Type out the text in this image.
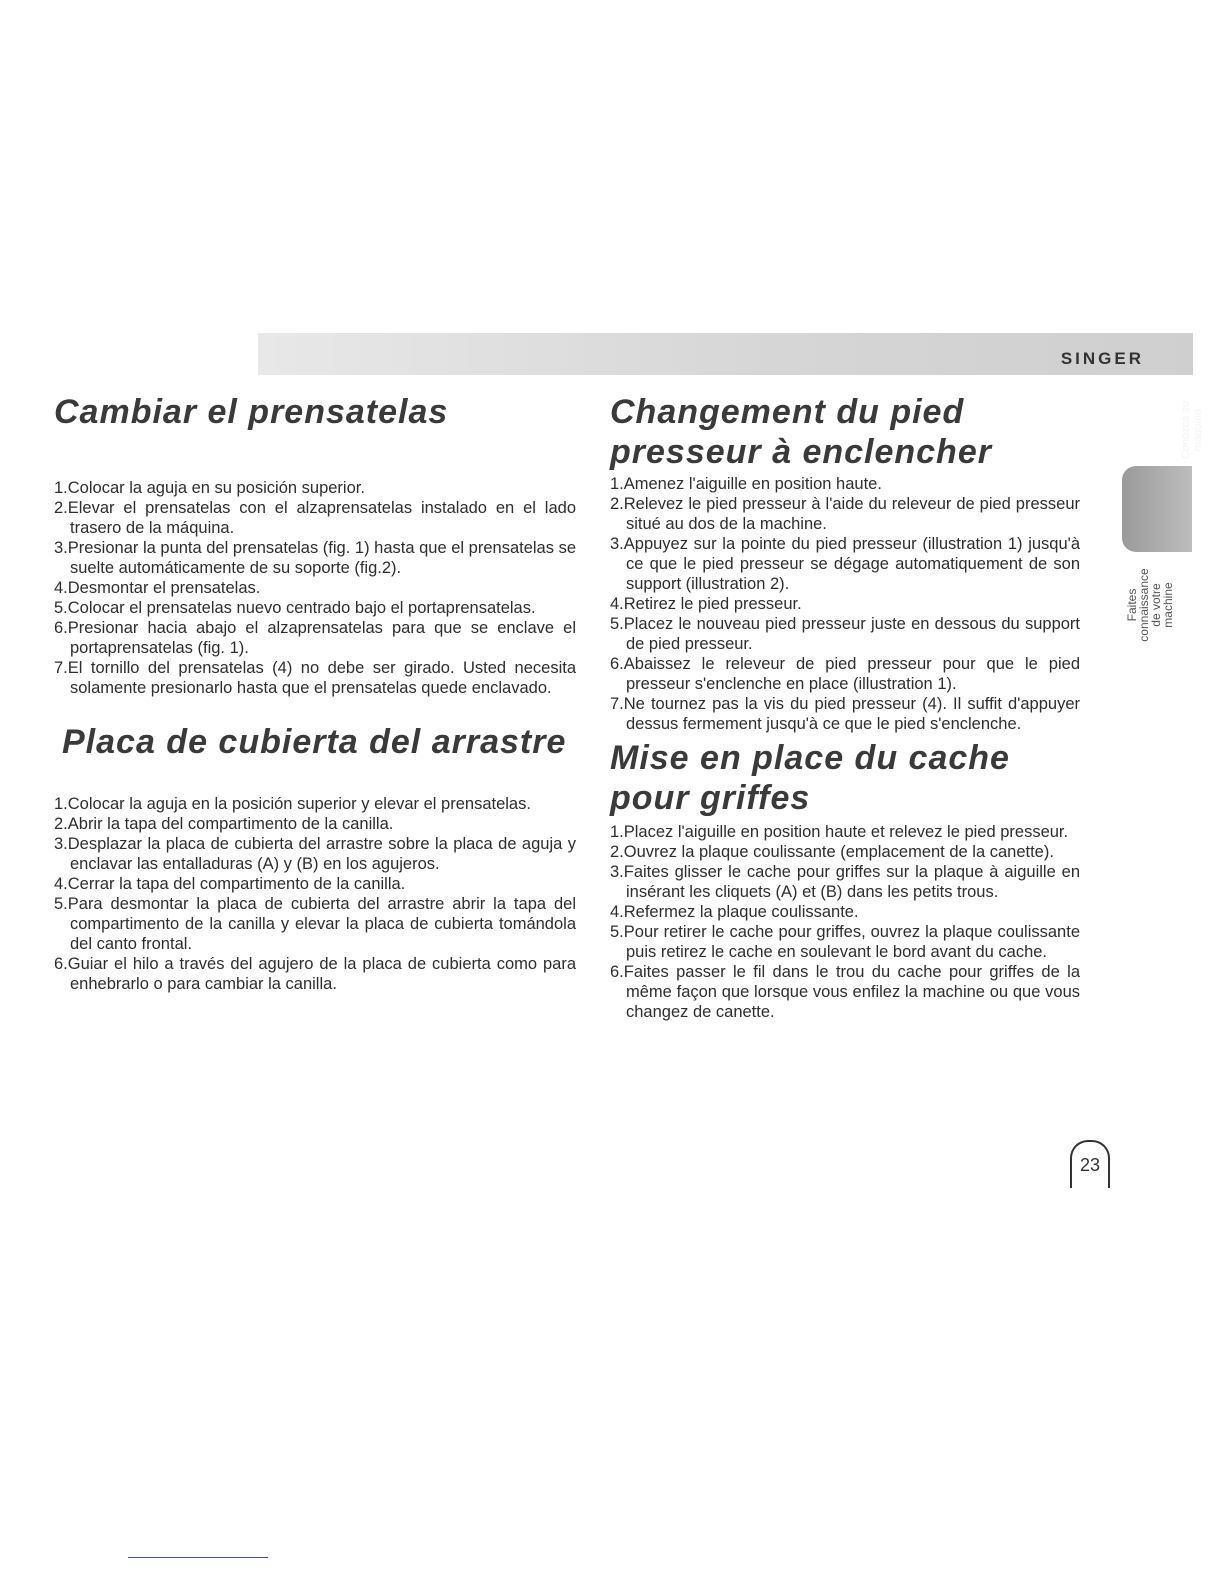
SINGER
Cambiar el prensatelas
1.Colocar la aguja en su posición superior.
2.Elevar el prensatelas con el alzaprensatelas instalado en el lado trasero de la máquina.
3.Presionar la punta del prensatelas (fig. 1) hasta que el prensatelas se suelte automáticamente de su soporte (fig.2).
4.Desmontar el prensatelas.
5.Colocar el prensatelas nuevo centrado bajo el portaprensatelas.
6.Presionar hacia abajo el alzaprensatelas para que se enclave el portaprensatelas (fig. 1).
7.El tornillo del prensatelas (4) no debe ser girado. Usted necesita solamente presionarlo hasta que el prensatelas quede enclavado.
Placa de cubierta del arrastre
1.Colocar la aguja en la posición superior y elevar el prensatelas.
2.Abrir la tapa del compartimento de la canilla.
3.Desplazar la placa de cubierta del arrastre sobre la placa de aguja y enclavar las entalladuras (A) y (B) en los agujeros.
4.Cerrar la tapa del compartimento de la canilla.
5.Para desmontar la placa de cubierta del arrastre abrir la tapa del compartimento de la canilla y elevar la placa de cubierta tomándola del canto frontal.
6.Guiar el hilo a través del agujero de la placa de cubierta como para enhebrarlo o para cambiar la canilla.
Changement du pied presseur à enclencher
1.Amenez l'aiguille en position haute.
2.Relevez le pied presseur à l'aide du releveur de pied presseur situé au dos de la machine.
3.Appuyez sur la pointe du pied presseur (illustration 1) jusqu'à ce que le pied presseur se dégage automatiquement de son support (illustration 2).
4.Retirez le pied presseur.
5.Placez le nouveau pied presseur juste en dessous du support de pied presseur.
6.Abaissez le releveur de pied presseur pour que le pied presseur s'enclenche en place (illustration 1).
7.Ne tournez pas la vis du pied presseur (4). Il suffit d'appuyer dessus fermement jusqu'à ce que le pied s'enclenche.
Mise en place du cache pour griffes
1.Placez l'aiguille en position haute et relevez le pied presseur.
2.Ouvrez la plaque coulissante (emplacement de la canette).
3.Faites glisser le cache pour griffes sur la plaque à aiguille en insérant les cliquets (A) et (B) dans les petits trous.
4.Refermez la plaque coulissante.
5.Pour retirer le cache pour griffes, ouvrez la plaque coulissante puis retirez le cache en soulevant le bord avant du cache.
6.Faites passer le fil dans le trou du cache pour griffes de la même façon que lorsque vous enfilez la machine ou que vous changez de canette.
Conozca su máquina
Faites connaissance de votre machine
23
